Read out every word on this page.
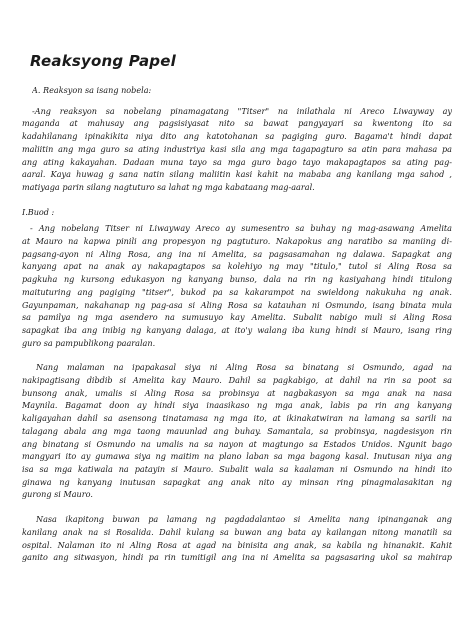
Reaksyong Papel
A. Reaksyon sa isang nobela:
-Ang reaksyon sa nobelang pinamagatang "Titser" na inilathala ni Areco Liwayway ay
maganda at mahusay ang pagsisiyasat nito sa bawat pangyayari sa kwentong ito sa
kadahilanang ipinakikita niya dito ang katotohanan sa pagiging guro. Bagama't hindi dapat
maliitin ang mga guro sa ating industriya kasi sila ang mga tagapagturo sa atin para mahasa pa
ang ating kakayahan. Dadaan muna tayo sa mga guro bago tayo makapagtapos sa ating pag-
aaral. Kaya huwag g sana natin silang maliitin kasi kahit na mababa ang kanilang mga sahod ,
matiyaga parin silang nagtuturo sa lahat ng mga kabataang mag-aaral.
I.Buod :
- Ang nobelang Titser ni Liwayway Areco ay sumesentro sa buhay ng mag-asawang Amelita
at Mauro na kapwa pinili ang propesyon ng pagtuturo. Nakapokus ang naratibo sa maniing di-
pagsang-ayon ni Aling Rosa, ang ina ni Amelita, sa pagsasamahan ng dalawa. Sapagkat ang
kanyang apat na anak ay nakapagtapos sa kolehiyo ng may "titulo," tutol si Aling Rosa sa
pagkuha ng kursong edukasyon ng kanyang bunso, dala na rin ng kasiyahang hindi titulong
maituturing ang pagiging "titser", bukod pa sa kakarampot na swieldong nakukuha ng anak.
Gayunpaman, nakahanap ng pag-asa si Aling Rosa sa katauhan ni Osmundo, isang binata mula
sa pamilya ng mga asendero na sumusuyo kay Amelita. Subalit nabigo muli si Aling Rosa
sapagkat iba ang inibig ng kanyang dalaga, at ito'y walang iba kung hindi si Mauro, isang ring
guro sa pampublikong paaralan.
Nang malaman na ipapakasal siya ni Aling Rosa sa binatang si Osmundo, agad na
nakipagtisang dibdib si Amelita kay Mauro. Dahil sa pagkabigo, at dahil na rin sa poot sa
bunsong anak, umalis si Aling Rosa sa probinsya at nagbakasyon sa mga anak na nasa
Maynila. Bagamat doon ay hindi siya inaasikaso ng mga anak, labis pa rin ang kanyang
kaligayahan dahil sa asensong tinatamasa ng mga ito, at ikinakatwiran na lamang sa sarili na
talagang abala ang mga taong mauunlad ang buhay. Samantala, sa probinsya, nagdesisyon rin
ang binatang si Osmundo na umalis na sa nayon at magtungo sa Estados Unidos. Ngunit bago
mangyari ito ay gumawa siya ng maitim na plano laban sa mga bagong kasal. Inutusan niya ang
isa sa mga katiwala na patayin si Mauro. Subalit wala sa kaalaman ni Osmundo na hindi ito
ginawa ng kanyang inutusan sapagkat ang anak nito ay minsan ring pinagmalasakitan ng
gurong si Mauro.
Nasa ikapitong buwan pa lamang ng pagdadalantao si Amelita nang ipinanganak ang
kanilang anak na si Rosalida. Dahil kulang sa buwan ang bata ay kailangan nitong manatili sa
ospital. Nalaman ito ni Aling Rosa at agad na binisita ang anak, sa kabila ng hinanakit. Kahit
ganito ang sitwasyon, hindi pa rin tumitigil ang ina ni Amelita sa pagsasaring ukol sa mahirap
